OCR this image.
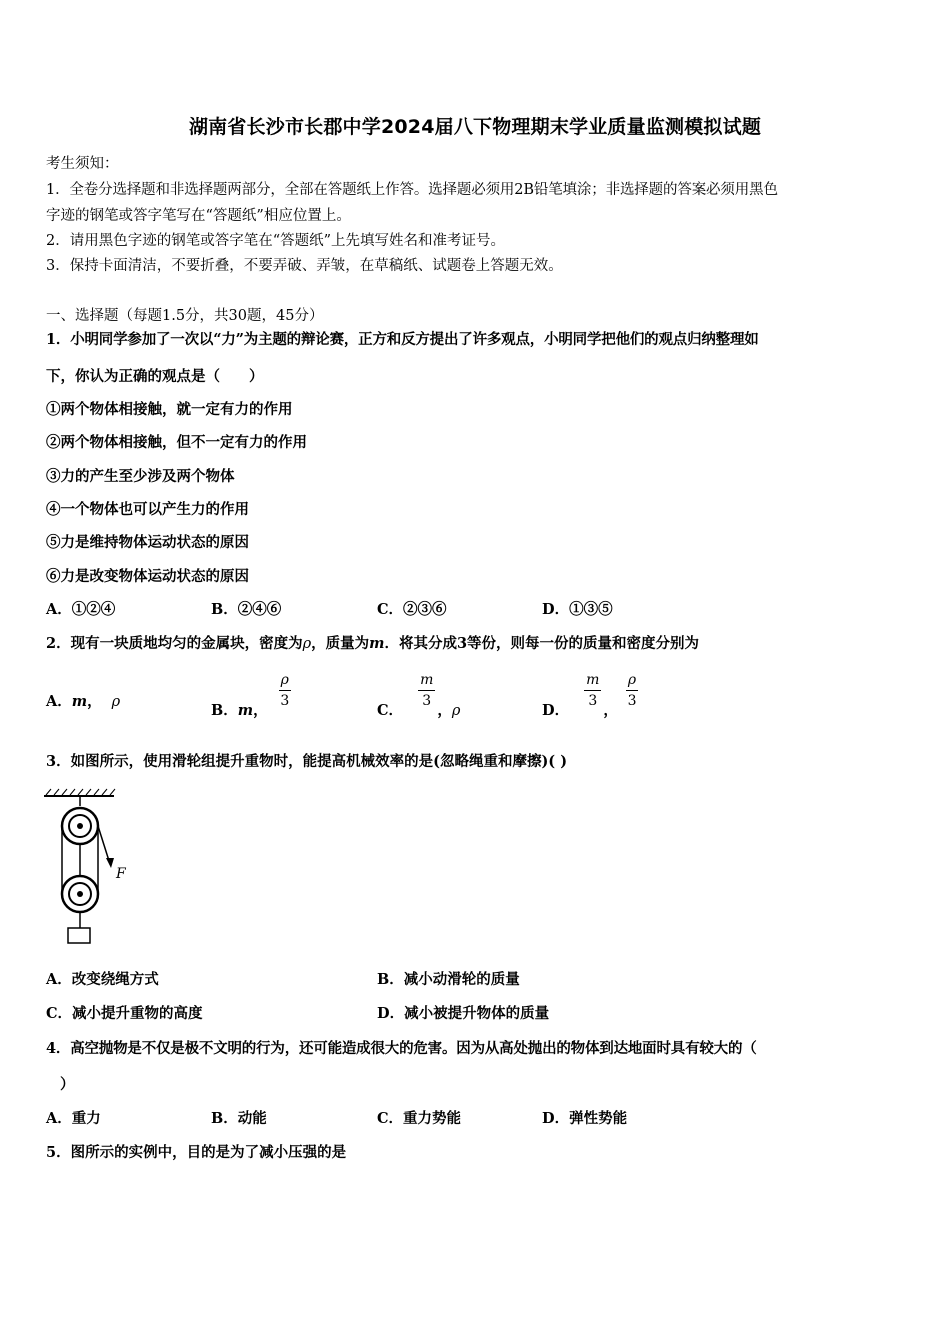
湖南省长沙市长郡中学2024届八下物理期末学业质量监测模拟试题
考生须知：
1．全卷分选择题和非选择题两部分，全部在答题纸上作答。选择题必须用2B铅笔填涂；非选择题的答案必须用黑色
字迹的钢笔或答字笔写在“答题纸”相应位置上。
2．请用黑色字迹的钢笔或答字笔在“答题纸”上先填写姓名和准考证号。
3．保持卡面清洁，不要折叠，不要弄破、弄皱，在草稿纸、试题卷上答题无效。
一、选择题（每题1.5分，共30题，45分）
1．小明同学参加了一次以“力”为主题的辩论赛，正方和反方提出了许多观点，小明同学把他们的观点归纳整理如
下，你认为正确的观点是（　　）
①两个物体相接触，就一定有力的作用
②两个物体相接触，但不一定有力的作用
③力的产生至少涉及两个物体
④一个物体也可以产生力的作用
⑤力是维持物体运动状态的原因
⑥力是改变物体运动状态的原因
A．①②④	B．②④⑥	C．②③⑥	D．①③⑤
2．现有一块质地均匀的金属块，密度为ρ，质量为m．将其分成3等份，则每一份的质量和密度分别为
A．m， ρ	B．m， $\frac{\rho}{3}$	C． $\frac{m}{3}$ ，ρ	D． $\frac{m}{3}$ ， $\frac{\rho}{3}$
3．如图所示，使用滑轮组提升重物时，能提高机械效率的是(忽略绳重和摩擦)( )
F
A．改变绕绳方式	B．减小动滑轮的质量
C．减小提升重物的高度	D．减小被提升物体的质量
4．高空抛物是不仅是极不文明的行为，还可能造成很大的危害。因为从高处抛出的物体到达地面时具有较大的（
）
A．重力	B．动能	C．重力势能	D．弹性势能
5．图所示的实例中，目的是为了减小压强的是
